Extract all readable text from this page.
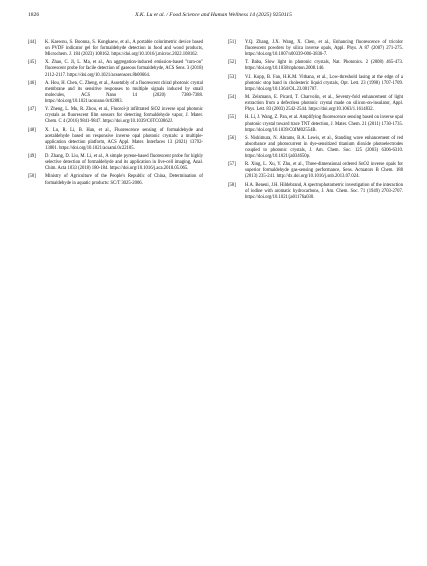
1826	X.K. Lu et al. / Food Science and Human Wellness 14 (2025) 9250115
[44] K. Kaewnu, S. Boonna, S. Kongkaew, et al., A portable colorimetric device based on PVDF indicator gel for formaldehyde detection in food and wood products, Microchem. J. 184 (2023) 108162. https://doi.org/10.1016/j.microc.2022.108162.
[45] X. Zhao, C. Ji, L. Ma, et al., An aggregation-induced emission-based "turn-on" fluorescent probe for facile detection of gaseous formaldehyde, ACS Sens. 3 (2018) 2112-2117. https://doi.org/10.1021/acssensors.8b00664.
[46] A. Hou, H. Chen, C. Zheng, et al., Assembly of a fluorescent chiral photonic crystal membrane and its sensitive responses to multiple signals induced by small molecules, ACS Nano 14 (2020) 7380-7388. https://doi.org/10.1021/acsnano.0c02883.
[47] Y. Zheng, L. Mu, R. Zhou, et al., Fluorol-jt infiltrated SiO2 inverse opal photonic crystals as fluorescent film sensors for detecting formaldehyde vapor, J. Mater. Chem. C 4 (2016) 9841-9847. https://doi.org/10.1039/C6TC03862J.
[48] X. Lu, R. Li, B. Han, et al., Fluorescence sensing of formaldehyde and acetaldehyde based on responsive inverse opal photonic crystals: a multiple-application detection platform, ACS Appl. Mater. Interfaces 13 (2021) 13792-13801. https://doi.org/10.1021/acsami.0c22105.
[49] D. Zhang, D. Liu, M. Li, et al., A simple pyrene-based fluorescent probe for highly selective detection of formaldehyde and its application in live-cell imaging, Anal. Chim. Acta 1033 (2018) 180-184. https://doi.org/10.1016/j.aca.2018.05.065.
[50] Ministry of Agriculture of the People's Republic of China, Determination of formaldehyde in aquatic products: SC/T 3025-2006.
[51] Y.Q. Zhang, J.X. Wang, X. Chen, et al., Enhancing fluorescence of tricolor fluorescent powders by silica inverse opals, Appl. Phys. A 87 (2007) 271-275. https://doi.org/10.1007/s00339-006-3830-7.
[52] T. Baba, Slow light in photonic crystals, Nat. Photonics. 2 (2008) 465-473. https://doi.org/10.1038/nphoton.2008.146.
[53] V.I. Kopp, B. Fan, H.K.M. Vithana, et al., Low-threshold lasing at the edge of a photonic stop band in cholesteric liquid crystals, Opt. Lett. 23 (1998) 1707-1709. https://doi.org/10.1364/OL.23.001707.
[54] M. Zelsmann, E. Picard, T. Charvolin, et al., Seventy-fold enhancement of light extraction from a defectless photonic crystal made on silicon-on-insulator, Appl. Phys. Lett. 83 (2003) 2542-2544. https://doi.org/10.1063/1.1614832.
[55] H. Li, J. Wang, Z. Pan, et al. Amplifying fluorescence sensing based on inverse opal photonic crystal toward trace TNT detection, J. Mater. Chem. 21 (2011) 1730-1735. https://doi.org/10.1039/C0JM02554B.
[56] S. Nishimura, N. Abrams, B.A. Lewis, et al., Standing wave enhancement of red absorbance and photocurrent in dye-sensitized titanium dioxide photoelectrodes coupled to photonic crystals, J. Am. Chem. Soc. 125 (2003) 6306-6310. https://doi.org/10.1021/ja034650p.
[57] R. Xing, L. Xu, Y. Zhu, et al., Three-dimensional ordered SnO2 inverse opals for superior formaldehyde gas-sensing performance, Sens. Actuators B Chem. 188 (2013) 235-241. http://dx.doi.org/10.1016/j.snb.2013.07.024.
[58] H.A. Beneni, J.H. Hildebrand, A spectrophotometric investigation of the interaction of iodine with aromatic hydrocarbons, J. Am. Chem. Soc. 71 (1949) 2703-2707. https://doi.org/10.1021/ja01176a030.
